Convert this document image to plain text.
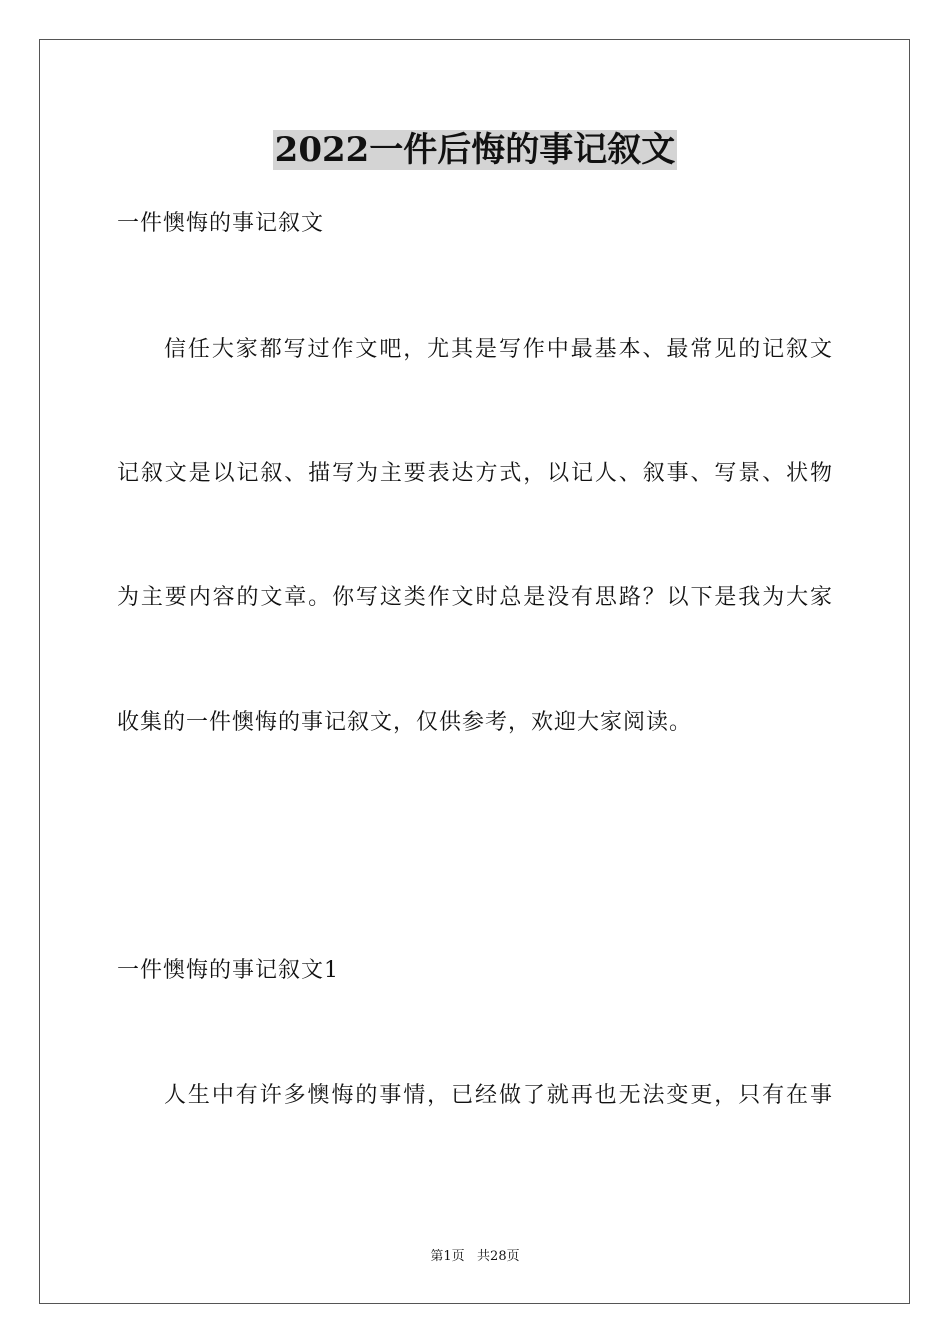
2022一件后悔的事记叙文
一件懊悔的事记叙文
信任大家都写过作文吧，尤其是写作中最基本、最常见的记叙文
记叙文是以记叙、描写为主要表达方式，以记人、叙事、写景、状物
为主要内容的文章。你写这类作文时总是没有思路？以下是我为大家
收集的一件懊悔的事记叙文，仅供参考，欢迎大家阅读。
一件懊悔的事记叙文1
人生中有许多懊悔的事情，已经做了就再也无法变更，只有在事
第1页   共28页
